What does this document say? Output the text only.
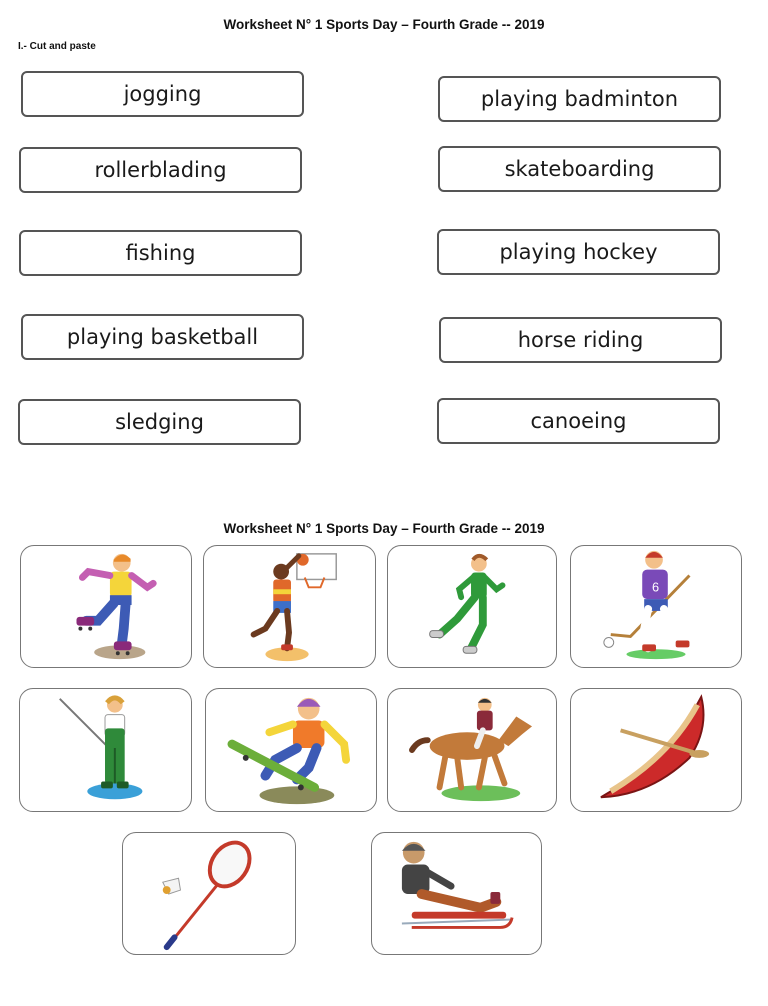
Worksheet N° 1 Sports Day – Fourth Grade -- 2019
I.- Cut and paste
jogging	playing badminton
rollerblading	skateboarding
fishing	playing hockey
playing basketball	horse riding
sledging	canoeing
Worksheet N° 1 Sports Day – Fourth Grade -- 2019
6
